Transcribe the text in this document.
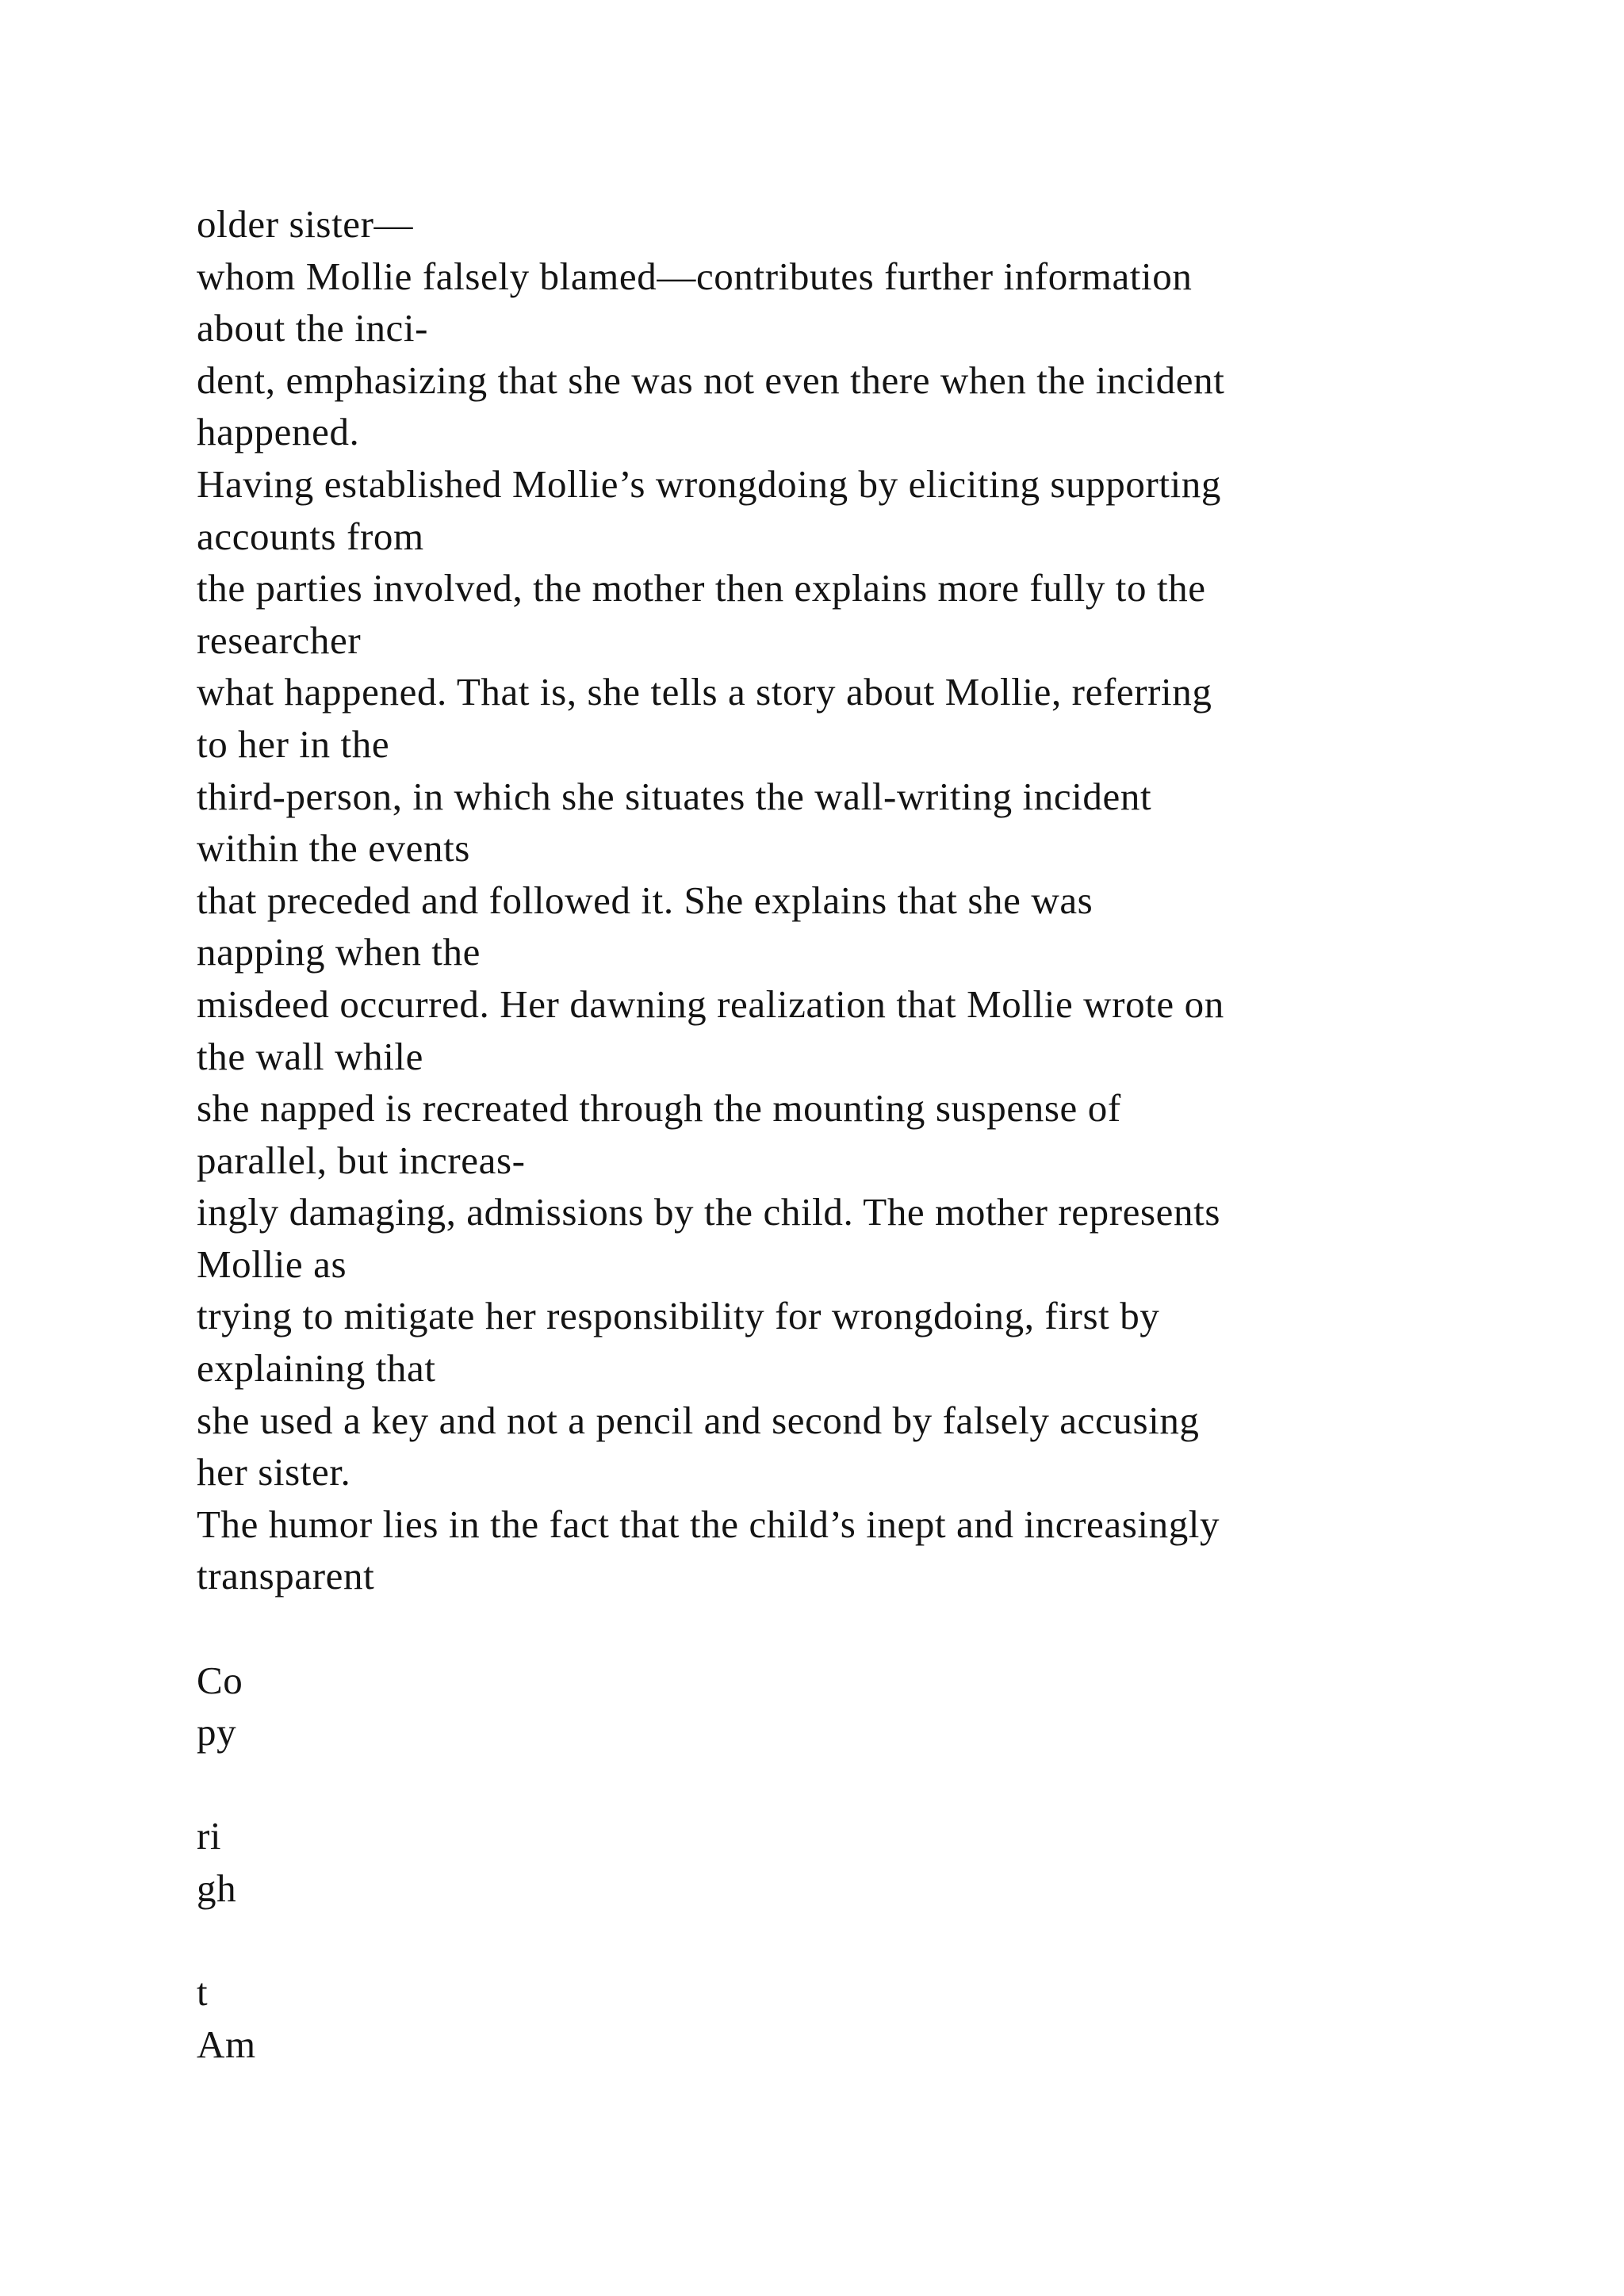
older sister—
whom Mollie falsely blamed—contributes further information
about the inci-
dent, emphasizing that she was not even there when the incident
happened.
Having established Mollie’s wrongdoing by eliciting supporting
accounts from
the parties involved, the mother then explains more fully to the
researcher
what happened. That is, she tells a story about Mollie, referring
to her in the
third-person, in which she situates the wall-writing incident
within the events
that preceded and followed it. She explains that she was
napping when the
misdeed occurred. Her dawning realization that Mollie wrote on
the wall while
she napped is recreated through the mounting suspense of
parallel, but increas-
ingly damaging, admissions by the child. The mother represents
Mollie as
trying to mitigate her responsibility for wrongdoing, first by
explaining that
she used a key and not a pencil and second by falsely accusing
her sister.
The humor lies in the fact that the child’s inept and increasingly
transparent
Co
py
ri
gh
t
Am
